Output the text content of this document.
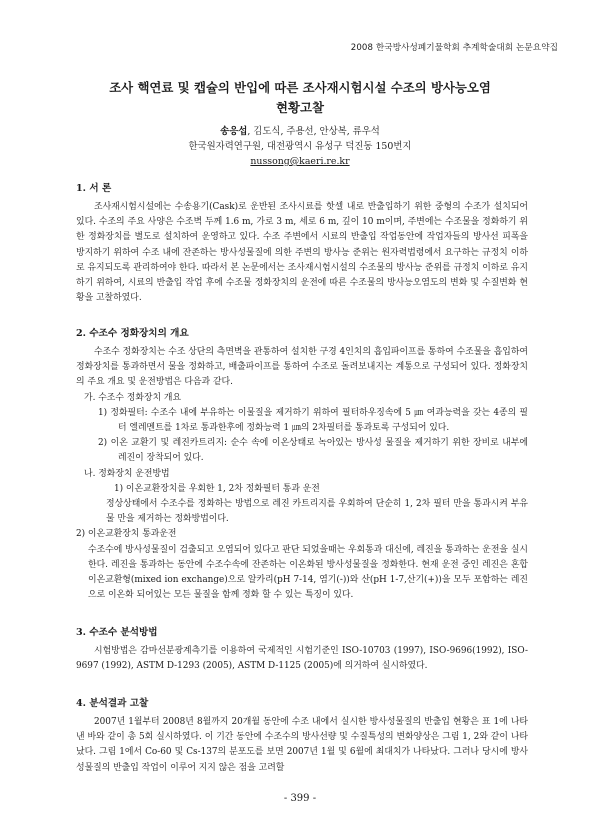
2008 한국방사성폐기물학회 추계학술대회 논문요약집
조사 핵연료 및 캡슐의 반입에 따른 조사재시험시설 수조의 방사능오염
현황고찰
송응섭, 김도식, 주용선, 안상복, 류우석
한국원자력연구원, 대전광역시 유성구 덕진동 150번지
nussong@kaeri.re.kr
1. 서 론

조사재시험시설에는 수송용기(Cask)로 운반된 조사시료를 핫셀 내로 반출입하기 위한 중형의 수조가 설치되어 있다. 수조의 주요 사양은 수조벽 두께 1.6 m, 가로 3 m, 세로 6 m, 깊이 10 m이며, 주변에는 수조물을 정화하기 위한 정화장치를 별도로 설치하여 운영하고 있다. 수조 주변에서 시료의 반출입 작업동안에 작업자들의 방사선 피폭을 방지하기 위하여 수조 내에 잔존하는 방사성물질에 의한 주변의 방사능 준위는 원자력법령에서 요구하는 규정치 이하로 유지되도록 관리하여야 한다. 따라서 본 논문에서는 조사재시험시설의 수조물의 방사능 준위를 규정치 이하로 유지하기 위하여, 시료의 반출입 작업 후에 수조물 정화장치의 운전에 따른 수조물의 방사능오염도의 변화 및 수질변화 현황을 고찰하였다.

2. 수조수 정화장치의 개요

수조수 정화장치는 수조 상단의 측면벽을 관통하여 설치한 구경 4인치의 흡입파이프를 통하여 수조물을 흡입하여 정화장치를 통과하면서 물을 정화하고, 배출파이프를 통하여 수조로 돌려보내지는 계통으로 구성되어 있다. 정화장치의 주요 개요 및 운전방법은 다음과 같다.

가. 수조수 정화장치 개요

1) 정화필터: 수조수 내에 부유하는 이물질을 제거하기 위하여 필터하우징속에 5 ㎛ 여과능력을 갖는 4종의 필터 엘레멘트를 1차로 통과한후에 정화능력 1 ㎛의 2차필터를 통과토록 구성되어 있다.

2) 이온 교환기 및 레진카트리지: 순수 속에 이온상태로 녹아있는 방사성 물질을 제거하기 위한 장비로 내부에 레진이 장착되어 있다.

나. 정화장치 운전방법

1) 이온교환장치를 우회한 1, 2차 정화필터 통과 운전

정상상태에서 수조수를 정화하는 방법으로 레진 카트리지를 우회하여 단순히 1, 2차 필터 만을 통과시켜 부유물 만을 제거하는 정화방법이다.

2) 이온교환장치 통과운전

수조수에 방사성물질이 검출되고 오염되어 있다고 판단 되었을때는 우회통과 대신에, 레진을 통과하는 운전을 실시한다. 레진을 통과하는 동안에 수조수속에 잔존하는 이온화된 방사성물질을 정화한다. 현재 운전 중인 레진은 혼합이온교환형(mixed ion exchange)으로 알카리(pH 7-14, 염기(-))와 산(pH 1-7,산기(+))을 모두 포함하는 레진으로 이온화 되어있는 모든 물질을 함께 정화 할 수 있는 특징이 있다.

3. 수조수 분석방법

시험방법은 감마선분광계측기를 이용하여 국제적인 시험기준인 ISO-10703 (1997), ISO-9696(1992), ISO-9697 (1992), ASTM D-1293 (2005), ASTM D-1125 (2005)에 의거하여 실시하였다.

4. 분석결과 고찰

2007년 1월부터 2008년 8월까지 20개월 동안에 수조 내에서 실시한 방사성물질의 반출입 현황은 표 1에 나타낸 바와 같이 총 5회 실시하였다. 이 기간 동안에 수조수의 방사선량 및 수질특성의 변화양상은 그림 1, 2와 같이 나타났다. 그림 1에서 Co-60 및 Cs-137의 분포도를 보면 2007년 1월 및 6월에 최대치가 나타났다. 그러나 당시에 방사성물질의 반출입 작업이 이루어 지지 않은 점을 고려할

- 399 -
